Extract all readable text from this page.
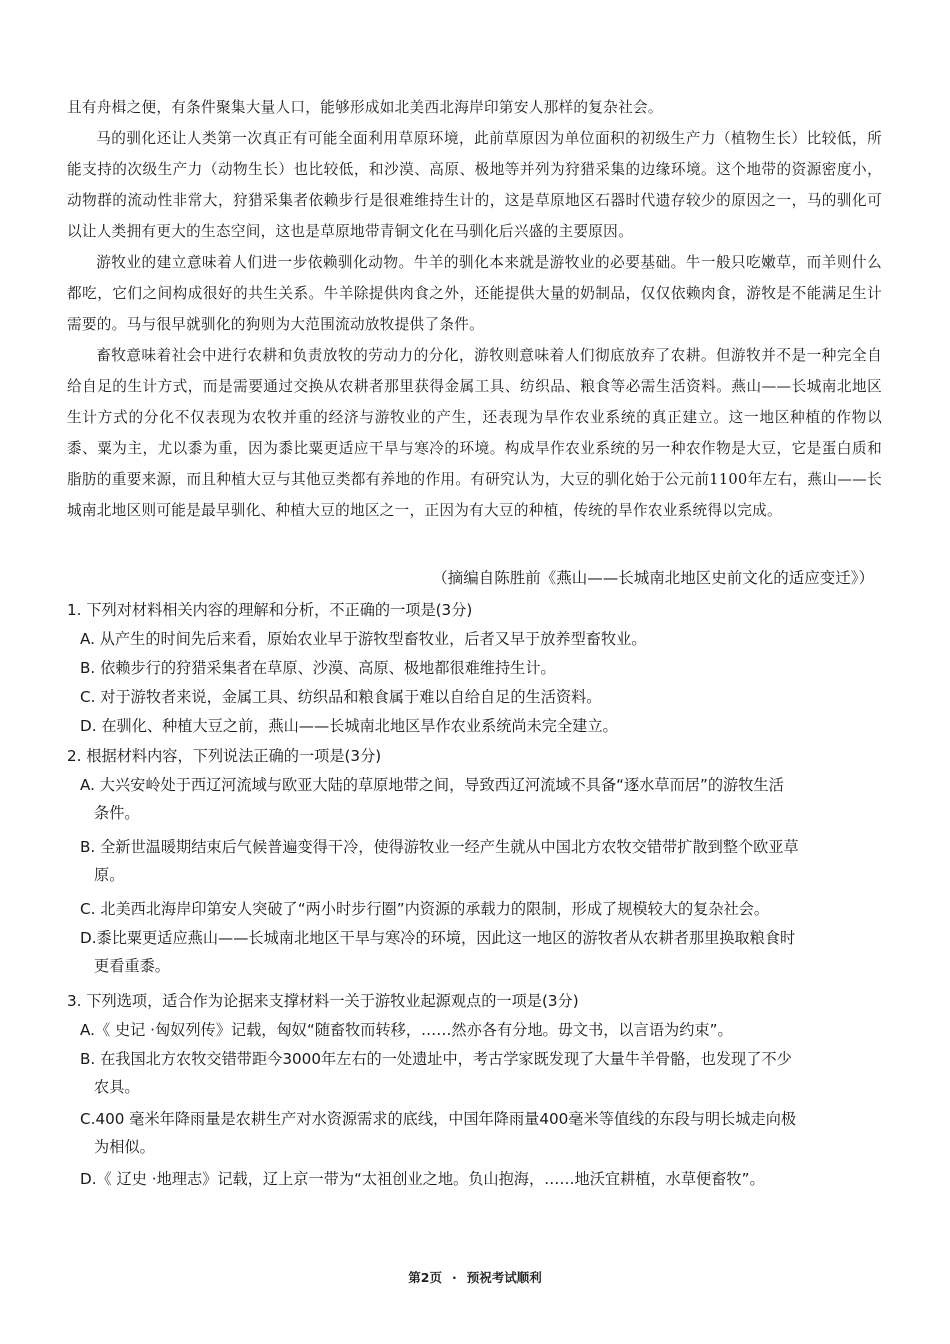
且有舟楫之便，有条件聚集大量人口，能够形成如北美西北海岸印第安人那样的复杂社会。

马的驯化还让人类第一次真正有可能全面利用草原环境，此前草原因为单位面积的初级生产力（植物生长）比较低，所能支持的次级生产力（动物生长）也比较低，和沙漠、高原、极地等并列为狩猎采集的边缘环境。这个地带的资源密度小，动物群的流动性非常大，狩猎采集者依赖步行是很难维持生计的，这是草原地区石器时代遗存较少的原因之一，马的驯化可以让人类拥有更大的生态空间，这也是草原地带青铜文化在马驯化后兴盛的主要原因。

游牧业的建立意味着人们进一步依赖驯化动物。牛羊的驯化本来就是游牧业的必要基础。牛一般只吃嫩草，而羊则什么都吃，它们之间构成很好的共生关系。牛羊除提供肉食之外，还能提供大量的奶制品，仅仅依赖肉食，游牧是不能满足生计需要的。马与很早就驯化的狗则为大范围流动放牧提供了条件。

畜牧意味着社会中进行农耕和负责放牧的劳动力的分化，游牧则意味着人们彻底放弃了农耕。但游牧并不是一种完全自给自足的生计方式，而是需要通过交换从农耕者那里获得金属工具、纺织品、粮食等必需生活资料。燕山——长城南北地区生计方式的分化不仅表现为农牧并重的经济与游牧业的产生，还表现为旱作农业系统的真正建立。这一地区种植的作物以黍、粟为主，尤以黍为重，因为黍比粟更适应干旱与寒冷的环境。构成旱作农业系统的另一种农作物是大豆，它是蛋白质和脂肪的重要来源，而且种植大豆与其他豆类都有养地的作用。有研究认为，大豆的驯化始于公元前1100年左右，燕山——长城南北地区则可能是最早驯化、种植大豆的地区之一，正因为有大豆的种植，传统的旱作农业系统得以完成。

（摘编自陈胜前《燕山——长城南北地区史前文化的适应变迁》）

1. 下列对材料相关内容的理解和分析，不正确的一项是(3分)

A. 从产生的时间先后来看，原始农业早于游牧型畜牧业，后者又早于放养型畜牧业。

B. 依赖步行的狩猎采集者在草原、沙漠、高原、极地都很难维持生计。

C. 对于游牧者来说，金属工具、纺织品和粮食属于难以自给自足的生活资料。

D. 在驯化、种植大豆之前，燕山——长城南北地区旱作农业系统尚未完全建立。

2. 根据材料内容，下列说法正确的一项是(3分)

A. 大兴安岭处于西辽河流域与欧亚大陆的草原地带之间，导致西辽河流域不具备“逐水草而居”的游牧生活
条件。

B. 全新世温暖期结束后气候普遍变得干冷，使得游牧业一经产生就从中国北方农牧交错带扩散到整个欧亚草
原。

C. 北美西北海岸印第安人突破了“两小时步行圈”内资源的承载力的限制，形成了规模较大的复杂社会。

D.黍比粟更适应燕山——长城南北地区干旱与寒冷的环境，因此这一地区的游牧者从农耕者那里换取粮食时
更看重黍。

3. 下列选项，适合作为论据来支撑材料一关于游牧业起源观点的一项是(3分)

A.《 史记 ·匈奴列传》记载，匈奴“随畜牧而转移，……然亦各有分地。毋文书，以言语为约束”。

B. 在我国北方农牧交错带距今3000年左右的一处遗址中，考古学家既发现了大量牛羊骨骼，也发现了不少
农具。

C.400 毫米年降雨量是农耕生产对水资源需求的底线，中国年降雨量400毫米等值线的东段与明长城走向极
为相似。

D.《 辽史 ·地理志》记载，辽上京一带为“太祖创业之地。负山抱海，……地沃宜耕植，水草便畜牧”。

第2页 · 预祝考试顺利
